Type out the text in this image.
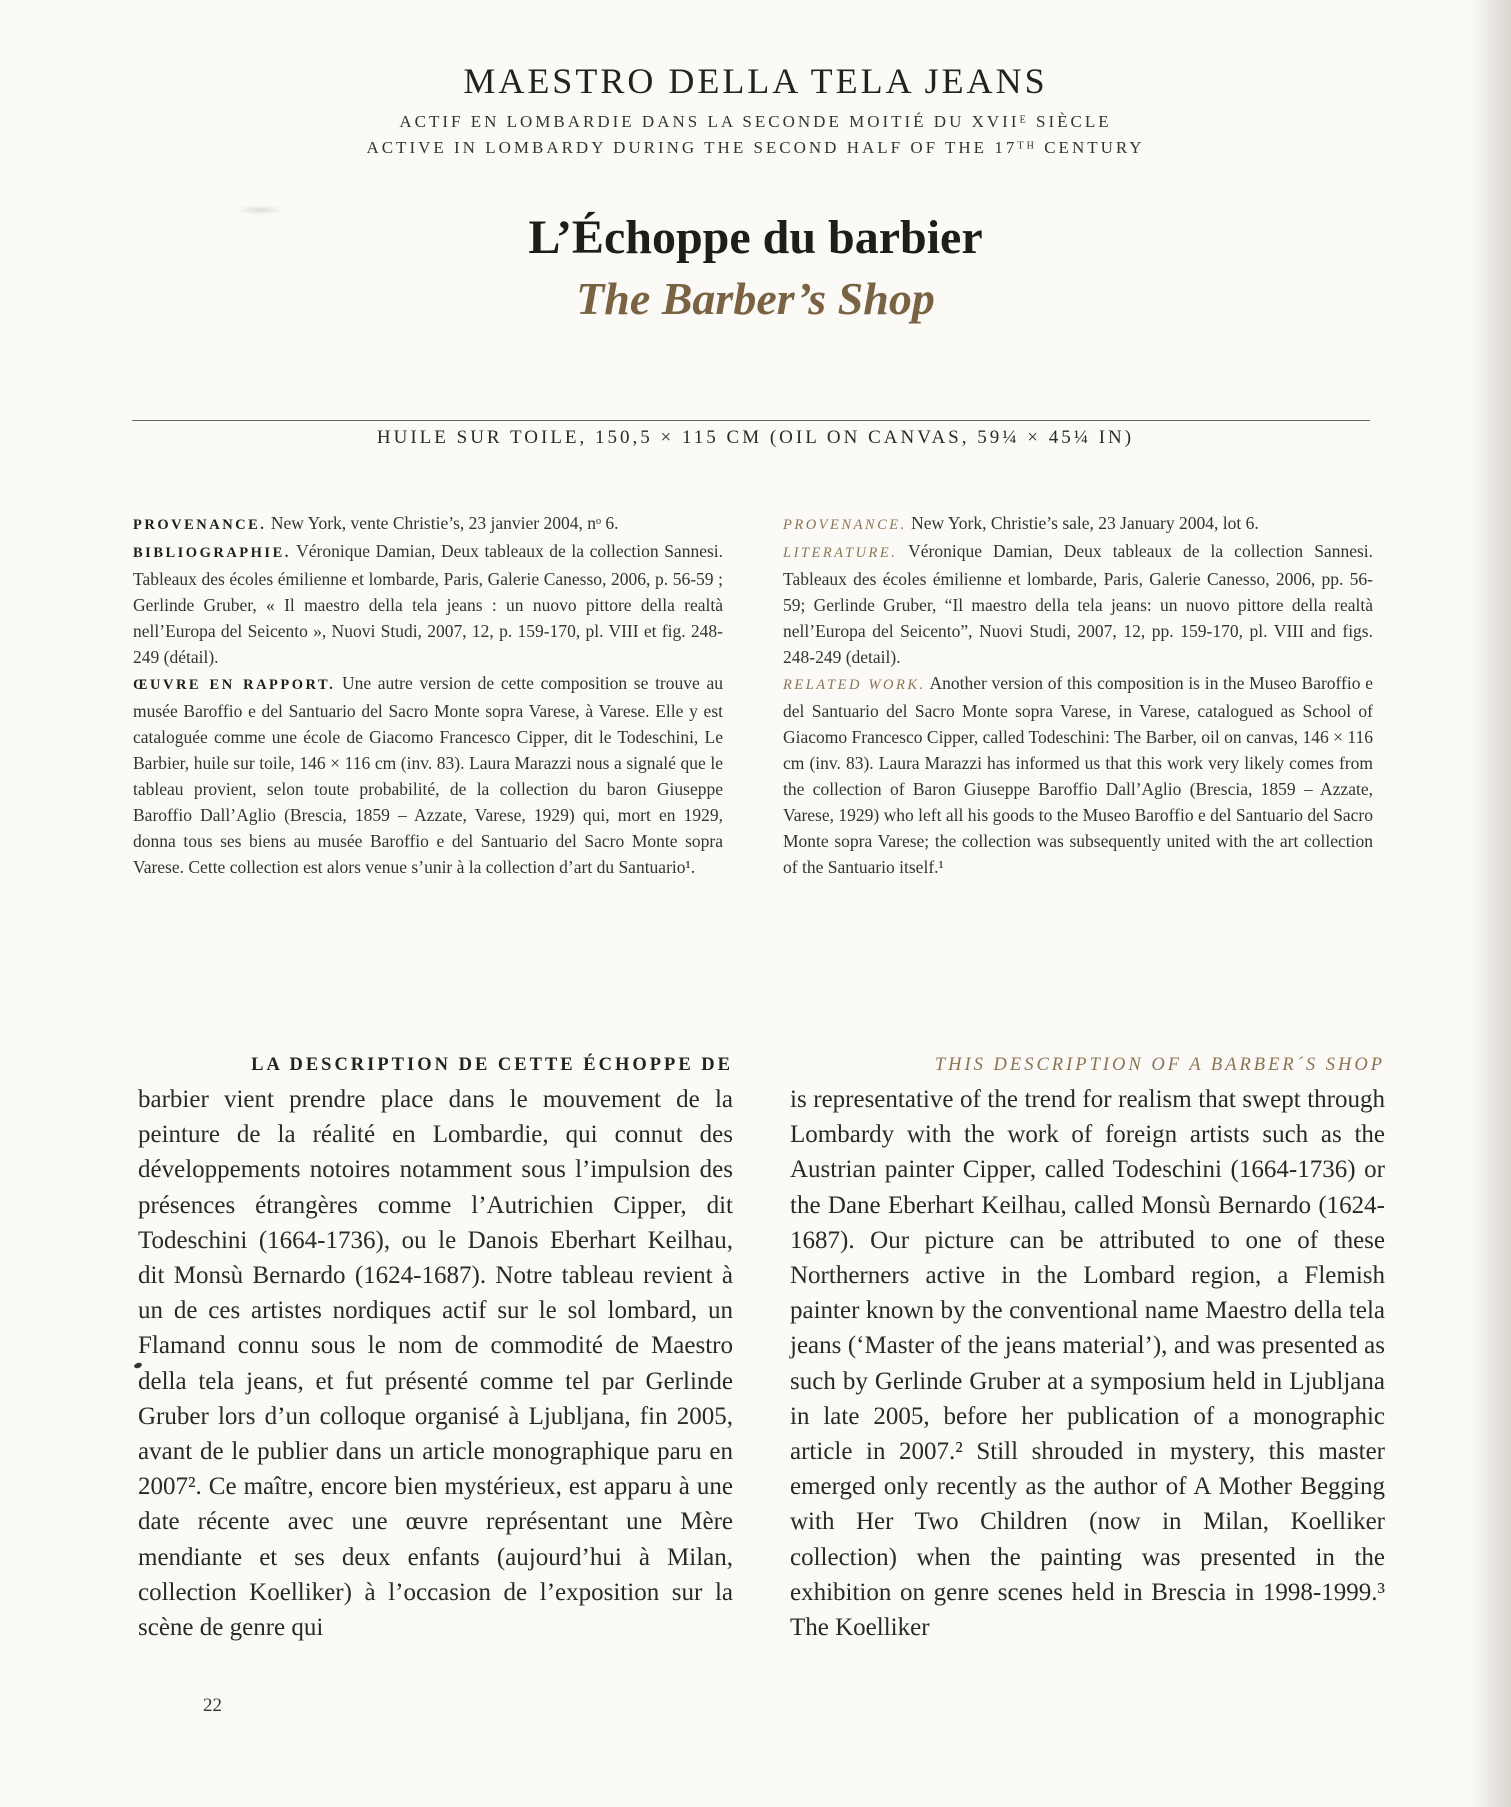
MAESTRO DELLA TELA JEANS
ACTIF EN LOMBARDIE DANS LA SECONDE MOITIÉ DU XVIIᴱ SIÈCLE
ACTIVE IN LOMBARDY DURING THE SECOND HALF OF THE 17ᵀᴴ CENTURY
L’Échoppe du barbier
The Barber’s Shop
HUILE SUR TOILE, 150,5 × 115 CM (OIL ON CANVAS, 59¼ × 45¼ IN)

PROVENANCE. New York, vente Christie’s, 23 janvier 2004, nᵒ 6.

BIBLIOGRAPHIE. Véronique Damian, Deux tableaux de la collection Sannesi. Tableaux des écoles émilienne et lombarde, Paris, Galerie Canesso, 2006, p. 56-59 ; Gerlinde Gruber, « Il maestro della tela jeans : un nuovo pittore della realtà nell’Europa del Seicento », Nuovi Studi, 2007, 12, p. 159-170, pl. VIII et fig. 248-249 (détail).

ŒUVRE EN RAPPORT. Une autre version de cette composition se trouve au musée Baroffio e del Santuario del Sacro Monte sopra Varese, à Varese. Elle y est cataloguée comme une école de Giacomo Francesco Cipper, dit le Todeschini, Le Barbier, huile sur toile, 146 × 116 cm (inv. 83). Laura Marazzi nous a signalé que le tableau provient, selon toute probabilité, de la collection du baron Giuseppe Baroffio Dall’Aglio (Brescia, 1859 – Azzate, Varese, 1929) qui, mort en 1929, donna tous ses biens au musée Baroffio e del Santuario del Sacro Monte sopra Varese. Cette collection est alors venue s’unir à la collection d’art du Santuario¹.

PROVENANCE. New York, Christie’s sale, 23 January 2004, lot 6.

LITERATURE. Véronique Damian, Deux tableaux de la collection Sannesi. Tableaux des écoles émilienne et lombarde, Paris, Galerie Canesso, 2006, pp. 56-59; Gerlinde Gruber, “Il maestro della tela jeans: un nuovo pittore della realtà nell’Europa del Seicento”, Nuovi Studi, 2007, 12, pp. 159-170, pl. VIII and figs. 248-249 (detail).

RELATED WORK. Another version of this composition is in the Museo Baroffio e del Santuario del Sacro Monte sopra Varese, in Varese, catalogued as School of Giacomo Francesco Cipper, called Todeschini: The Barber, oil on canvas, 146 × 116 cm (inv. 83). Laura Marazzi has informed us that this work very likely comes from the collection of Baron Giuseppe Baroffio Dall’Aglio (Brescia, 1859 – Azzate, Varese, 1929) who left all his goods to the Museo Baroffio e del Santuario del Sacro Monte sopra Varese; the collection was subsequently united with the art collection of the Santuario itself.¹

LA DESCRIPTION DE CETTE ÉCHOPPE DE
barbier vient prendre place dans le mouvement de la peinture de la réalité en Lombardie, qui connut des développements notoires notamment sous l’impulsion des présences étrangères comme l’Autrichien Cipper, dit Todeschini (1664-1736), ou le Danois Eberhart Keilhau, dit Monsù Bernardo (1624-1687). Notre tableau revient à un de ces artistes nordiques actif sur le sol lombard, un Flamand connu sous le nom de commodité de Maestro della tela jeans, et fut présenté comme tel par Gerlinde Gruber lors d’un colloque organisé à Ljubljana, fin 2005, avant de le publier dans un article monographique paru en 2007². Ce maître, encore bien mystérieux, est apparu à une date récente avec une œuvre représentant une Mère mendiante et ses deux enfants (aujourd’hui à Milan, collection Koelliker) à l’occasion de l’exposition sur la scène de genre qui

THIS DESCRIPTION OF A BARBER´S SHOP
is representative of the trend for realism that swept through Lombardy with the work of foreign artists such as the Austrian painter Cipper, called Todeschini (1664-1736) or the Dane Eberhart Keilhau, called Monsù Bernardo (1624-1687). Our picture can be attributed to one of these Northerners active in the Lombard region, a Flemish painter known by the conventional name Maestro della tela jeans (‘Master of the jeans material’), and was presented as such by Gerlinde Gruber at a symposium held in Ljubljana in late 2005, before her publication of a monographic article in 2007.² Still shrouded in mystery, this master emerged only recently as the author of A Mother Begging with Her Two Children (now in Milan, Koelliker collection) when the painting was presented in the exhibition on genre scenes held in Brescia in 1998-1999.³ The Koelliker

22
